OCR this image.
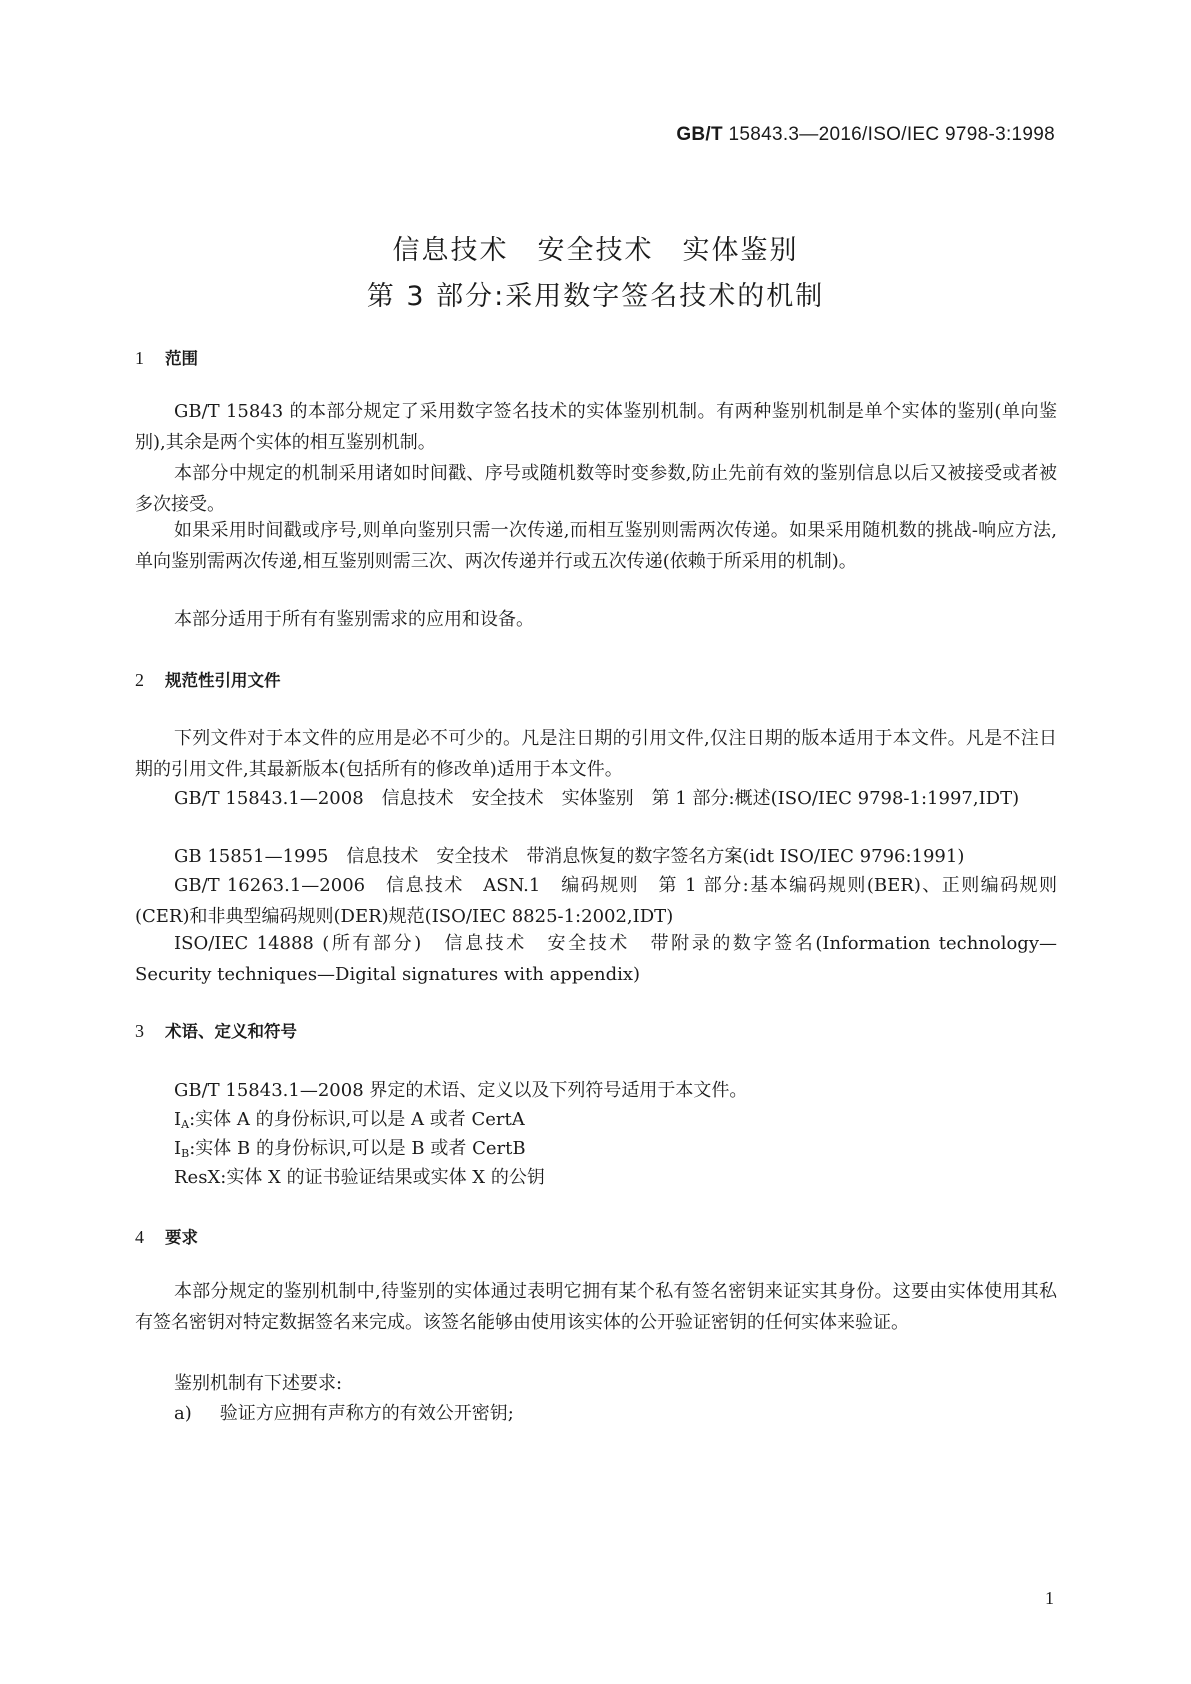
GB/T 15843.3—2016/ISO/IEC 9798-3:1998
信息技术　安全技术　实体鉴别
第 3 部分:采用数字签名技术的机制
1 范围

GB/T 15843 的本部分规定了采用数字签名技术的实体鉴别机制。有两种鉴别机制是单个实体的鉴别(单向鉴别),其余是两个实体的相互鉴别机制。

本部分中规定的机制采用诸如时间戳、序号或随机数等时变参数,防止先前有效的鉴别信息以后又被接受或者被多次接受。

如果采用时间戳或序号,则单向鉴别只需一次传递,而相互鉴别则需两次传递。如果采用随机数的挑战-响应方法,单向鉴别需两次传递,相互鉴别则需三次、两次传递并行或五次传递(依赖于所采用的机制)。

本部分适用于所有有鉴别需求的应用和设备。

2 规范性引用文件

下列文件对于本文件的应用是必不可少的。凡是注日期的引用文件,仅注日期的版本适用于本文件。凡是不注日期的引用文件,其最新版本(包括所有的修改单)适用于本文件。

GB/T 15843.1—2008　信息技术　安全技术　实体鉴别　第 1 部分:概述(ISO/IEC 9798-1:1997,IDT)

GB 15851—1995　信息技术　安全技术　带消息恢复的数字签名方案(idt ISO/IEC 9796:1991)

GB/T 16263.1—2006　信息技术　ASN.1　编码规则　第 1 部分:基本编码规则(BER)、正则编码规则(CER)和非典型编码规则(DER)规范(ISO/IEC 8825-1:2002,IDT)

ISO/IEC 14888 (所有部分)　信息技术　安全技术　带附录的数字签名(Information technology—Security techniques—Digital signatures with appendix)

3 术语、定义和符号

GB/T 15843.1—2008 界定的术语、定义以及下列符号适用于本文件。

$I_A$:实体 A 的身份标识,可以是 A 或者 CertA

$I_B$:实体 B 的身份标识,可以是 B 或者 CertB

ResX:实体 X 的证书验证结果或实体 X 的公钥

4 要求

本部分规定的鉴别机制中,待鉴别的实体通过表明它拥有某个私有签名密钥来证实其身份。这要由实体使用其私有签名密钥对特定数据签名来完成。该签名能够由使用该实体的公开验证密钥的任何实体来验证。

鉴别机制有下述要求:

a) 验证方应拥有声称方的有效公开密钥;

1
